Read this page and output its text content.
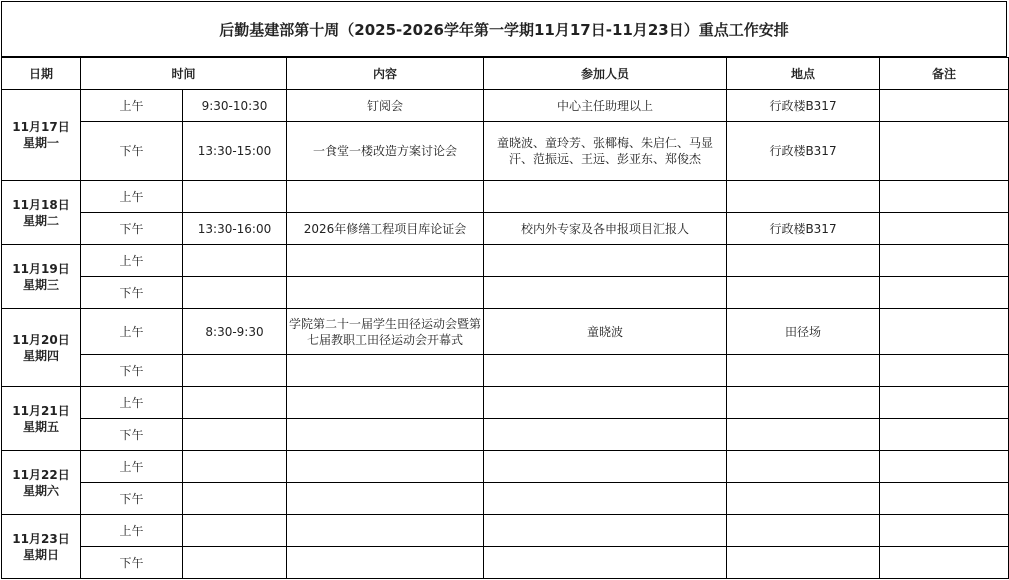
后勤基建部第十周（2025-2026学年第一学期11月17日-11月23日）重点工作安排
日期	时间		内容	参加人员	地点	备注

11月17日
星期一	上午	9:30-10:30	钉阅会	中心主任助理以上	行政楼B317	
	下午	13:30-15:00	一食堂一楼改造方案讨论会	童晓波、童玲芳、张椰梅、朱启仁、马显汗、范振远、王远、彭亚东、郑俊杰	行政楼B317	

11月18日
星期二	上午					
	下午	13:30-16:00	2026年修缮工程项目库论证会	校内外专家及各申报项目汇报人	行政楼B317	

11月19日
星期三	上午					
	下午					

11月20日
星期四	上午	8:30-9:30	学院第二十一届学生田径运动会暨第七届教职工田径运动会开幕式	童晓波	田径场	
	下午					

11月21日
星期五	上午					
	下午					

11月22日
星期六	上午					
	下午					

11月23日
星期日	上午					
	下午					
